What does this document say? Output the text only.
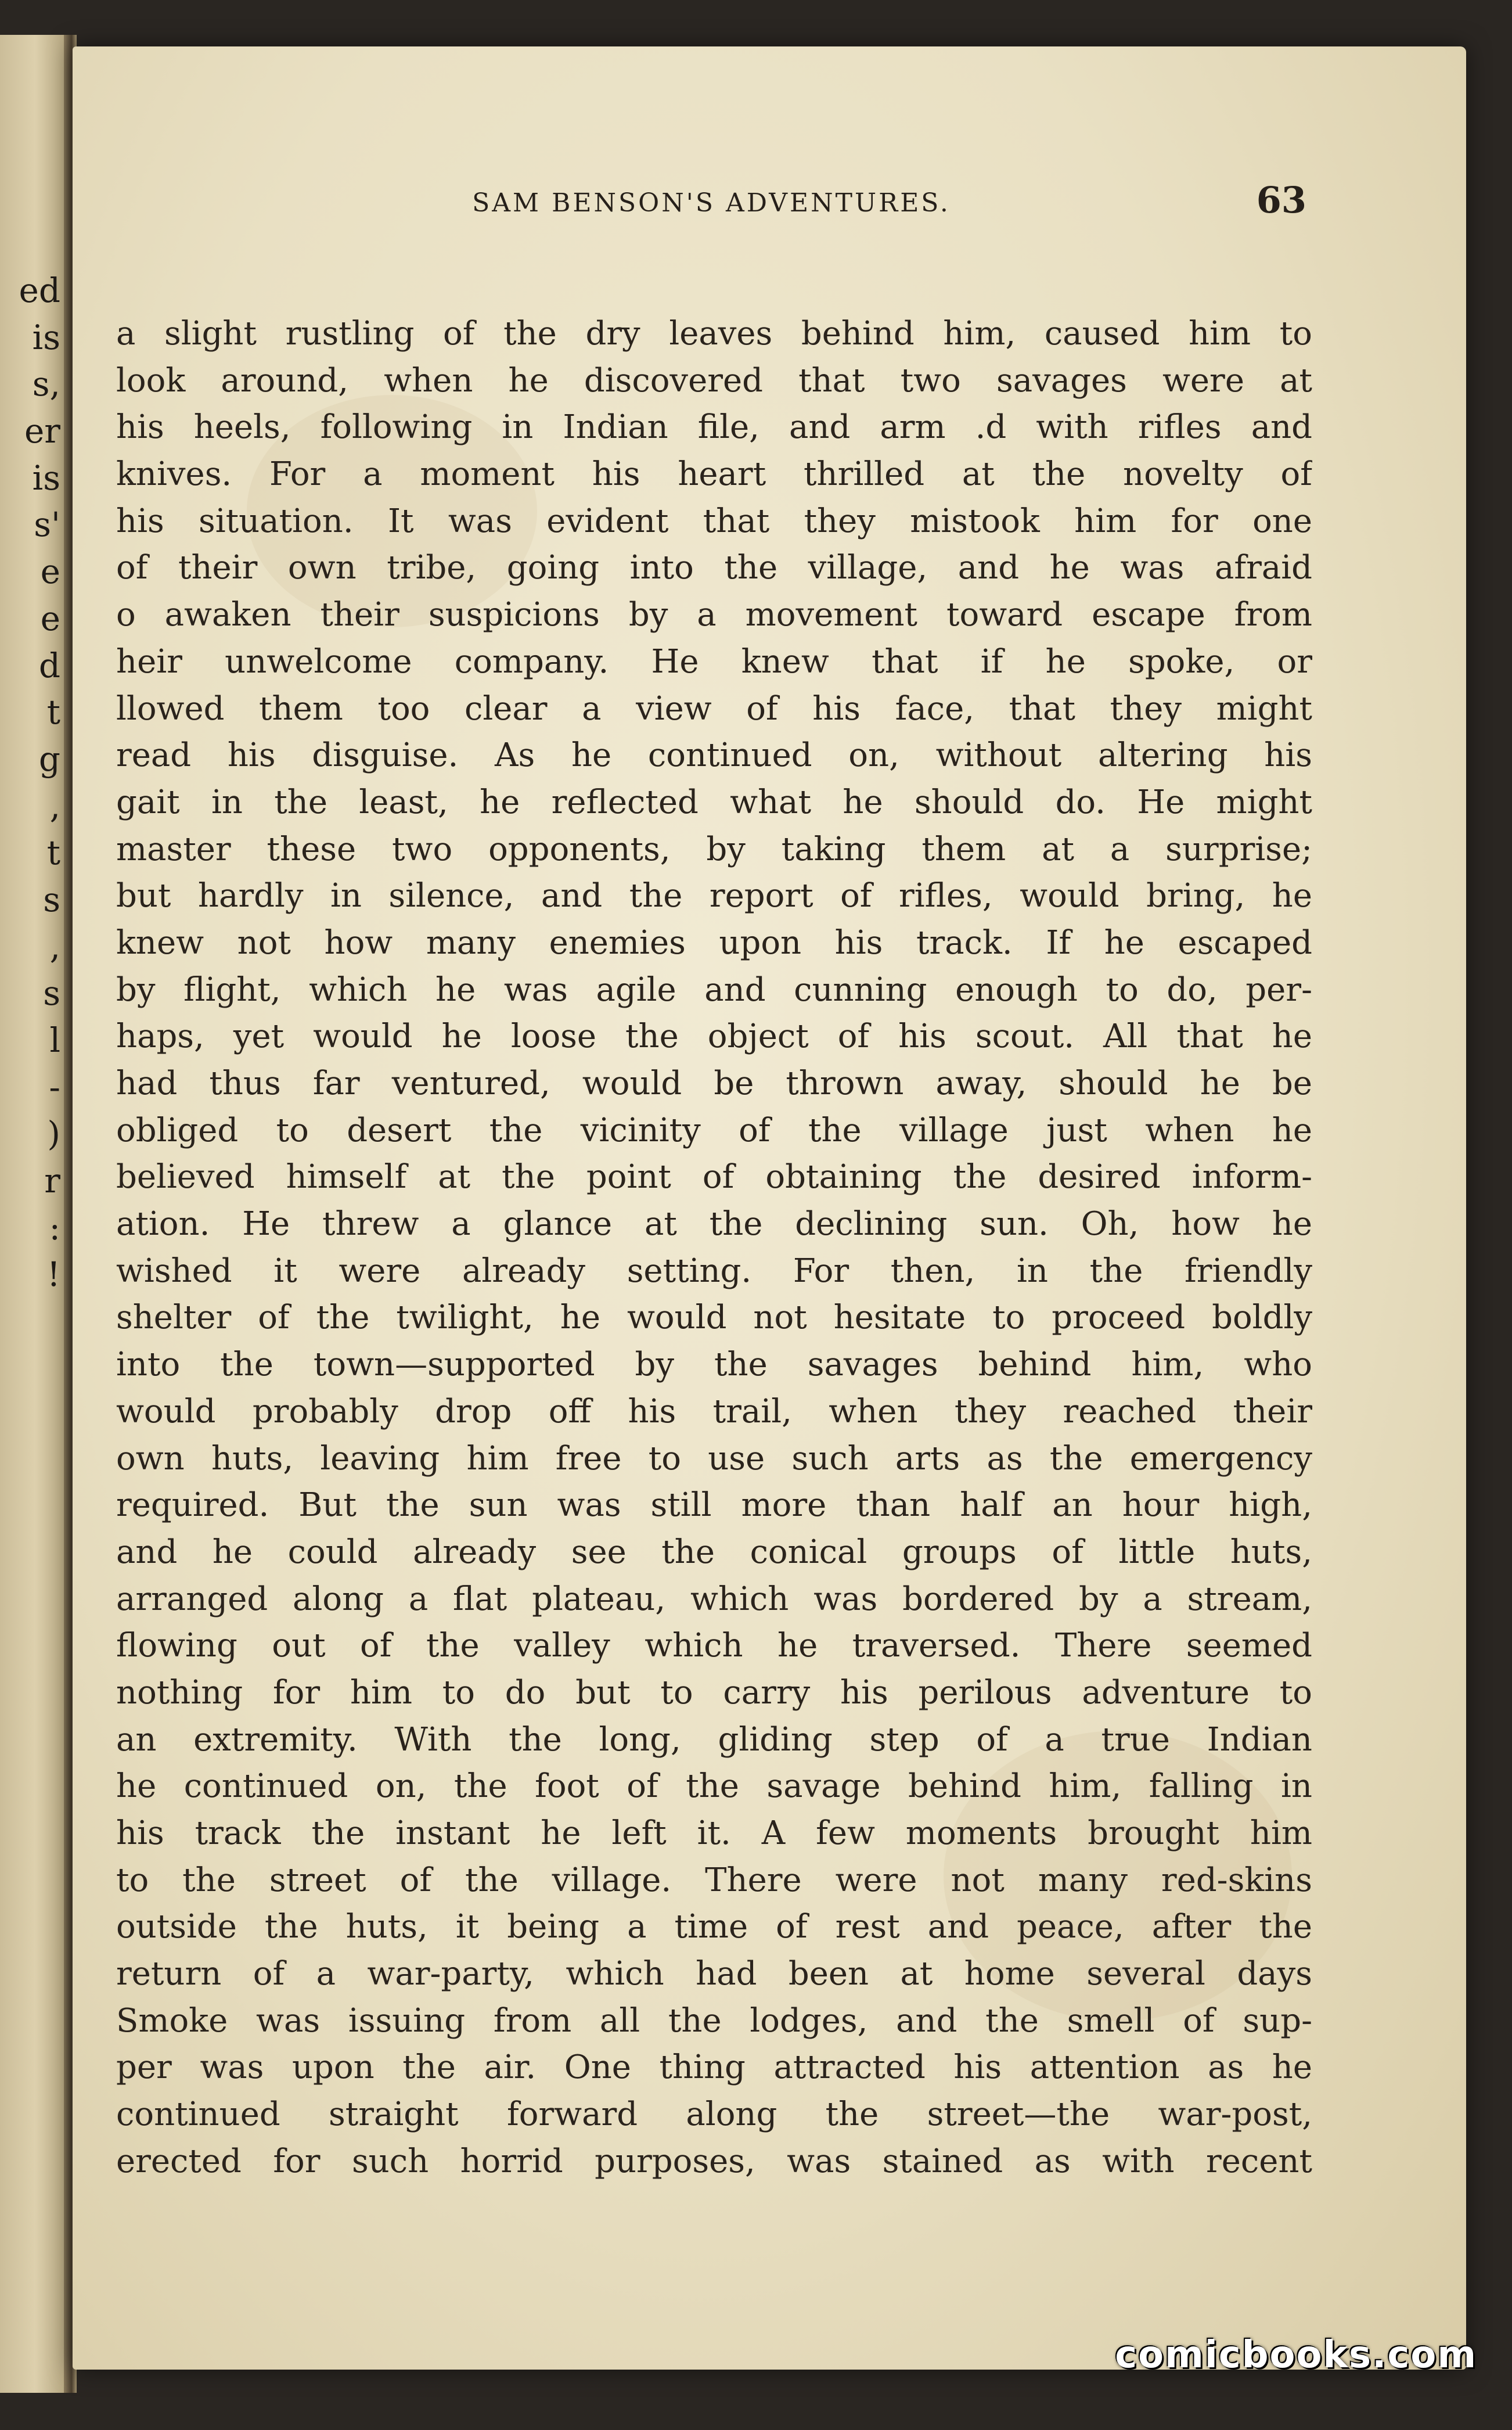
ed
is
s,
er
is
s'
e
e
d
t
g
,
t
s
,
s
l
-
)
r
:
!
SAM BENSON'S ADVENTURES.	63
a slight rustling of the dry leaves behind him, caused him to
look around, when he discovered that two savages were at
his heels, following in Indian file, and arm .d with rifles and
knives. For a moment his heart thrilled at the novelty of
his situation. It was evident that they mistook him for one
of their own tribe, going into the village, and he was afraid
o awaken their suspicions by a movement toward escape from
heir unwelcome company. He knew that if he spoke, or
llowed them too clear a view of his face, that they might
read his disguise. As he continued on, without altering his
gait in the least, he reflected what he should do. He might
master these two opponents, by taking them at a surprise;
but hardly in silence, and the report of rifles, would bring, he
knew not how many enemies upon his track. If he escaped
by flight, which he was agile and cunning enough to do, per-
haps, yet would he loose the object of his scout. All that he
had thus far ventured, would be thrown away, should he be
obliged to desert the vicinity of the village just when he
believed himself at the point of obtaining the desired inform-
ation. He threw a glance at the declining sun. Oh, how he
wished it were already setting. For then, in the friendly
shelter of the twilight, he would not hesitate to proceed boldly
into the town—supported by the savages behind him, who
would probably drop off his trail, when they reached their
own huts, leaving him free to use such arts as the emergency
required. But the sun was still more than half an hour high,
and he could already see the conical groups of little huts,
arranged along a flat plateau, which was bordered by a stream,
flowing out of the valley which he traversed. There seemed
nothing for him to do but to carry his perilous adventure to
an extremity. With the long, gliding step of a true Indian
he continued on, the foot of the savage behind him, falling in
his track the instant he left it. A few moments brought him
to the street of the village. There were not many red-skins
outside the huts, it being a time of rest and peace, after the
return of a war-party, which had been at home several days
Smoke was issuing from all the lodges, and the smell of sup-
per was upon the air. One thing attracted his attention as he
continued straight forward along the street—the war-post,
erected for such horrid purposes, was stained as with recent
comicbooks.com
